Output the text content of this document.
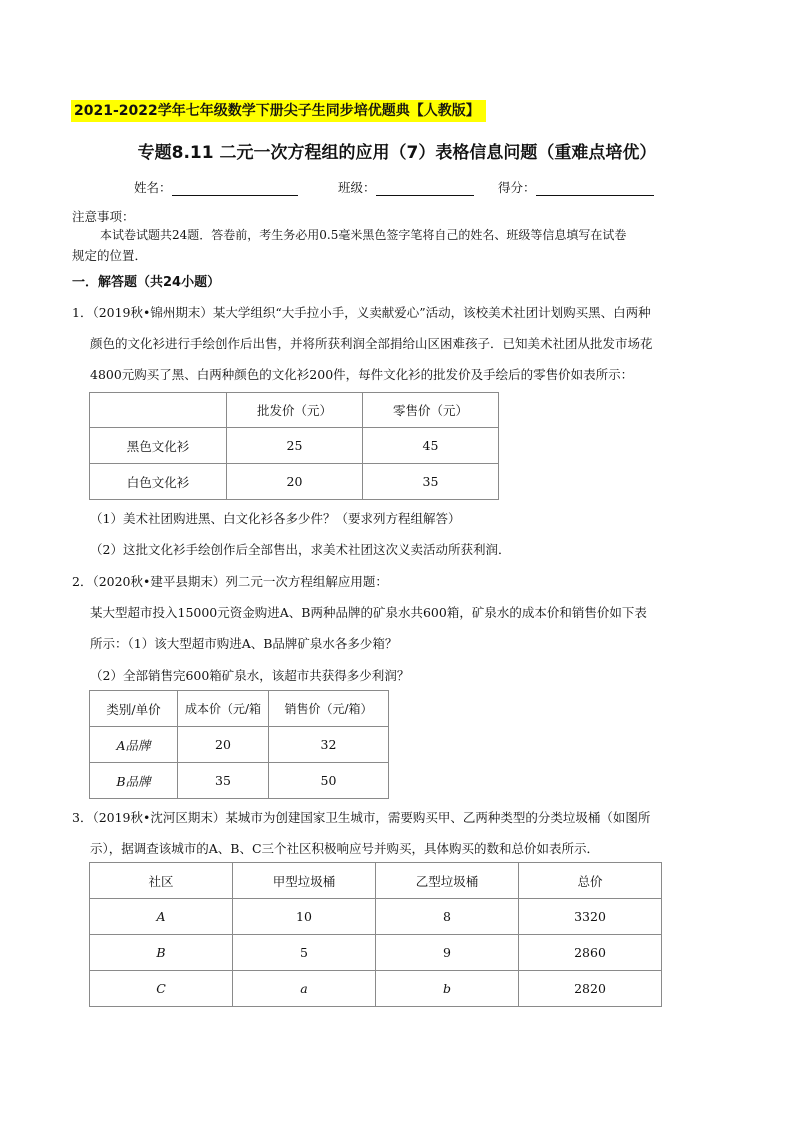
2021-2022学年七年级数学下册尖子生同步培优题典【人教版】
专题8.11 二元一次方程组的应用（7）表格信息问题（重难点培优）
姓名：	班级：	得分：
注意事项：
本试卷试题共24题．答卷前，考生务必用0.5毫米黑色签字笔将自己的姓名、班级等信息填写在试卷
规定的位置．
一．解答题（共24小题）
1．（2019秋•锦州期末）某大学组织“大手拉小手，义卖献爱心”活动，该校美术社团计划购买黑、白两种
颜色的文化衫进行手绘创作后出售，并将所获利润全部捐给山区困难孩子．已知美术社团从批发市场花
4800元购买了黑、白两种颜色的文化衫200件，每件文化衫的批发价及手绘后的零售价如表所示：
	批发价（元）	零售价（元）
黑色文化衫	25	45
白色文化衫	20	35
（1）美术社团购进黑、白文化衫各多少件？（要求列方程组解答）
（2）这批文化衫手绘创作后全部售出，求美术社团这次义卖活动所获利润．
2．（2020秋•建平县期末）列二元一次方程组解应用题：
某大型超市投入15000元资金购进A、B两种品牌的矿泉水共600箱，矿泉水的成本价和销售价如下表
所示：（1）该大型超市购进A、B品牌矿泉水各多少箱？
（2）全部销售完600箱矿泉水，该超市共获得多少利润？
类别/单价	成本价（元/箱	销售价（元/箱）
A品牌	20	32
B品牌	35	50
3．（2019秋•沈河区期末）某城市为创建国家卫生城市，需要购买甲、乙两种类型的分类垃圾桶（如图所
示），据调查该城市的A、B、C三个社区积极响应号并购买，具体购买的数和总价如表所示．
社区	甲型垃圾桶	乙型垃圾桶	总价
A	10	8	3320
B	5	9	2860
C	a	b	2820
